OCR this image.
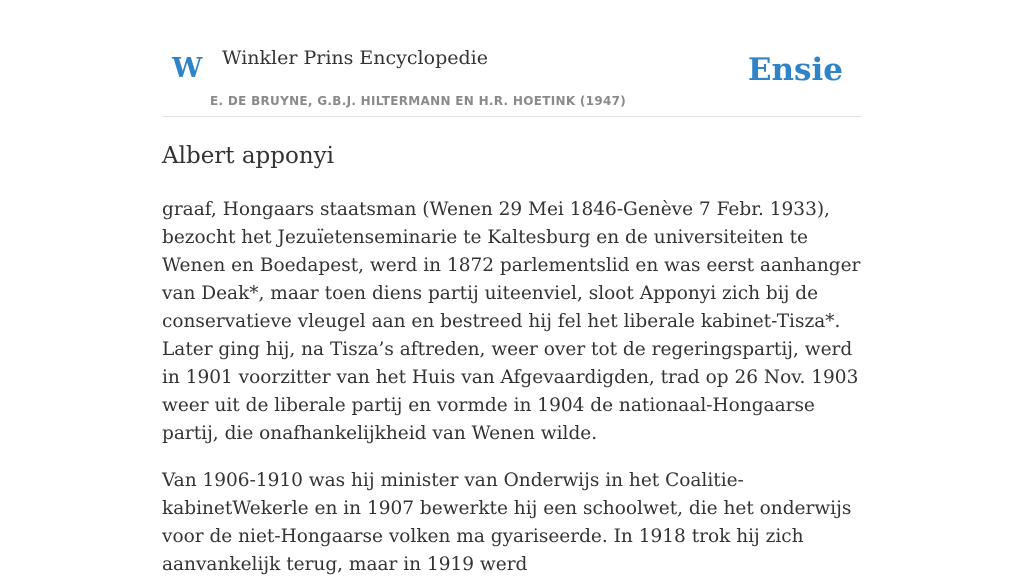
W Winkler Prins Encyclopedie
E. DE BRUYNE, G.B.J. HILTERMANN EN H.R. HOETINK (1947)
Ensie
Albert apponyi

graaf, Hongaars staatsman (Wenen 29 Mei 1846-Genève 7 Febr. 1933), bezocht het Jezuïetenseminarie te Kaltesburg en de universiteiten te Wenen en Boedapest, werd in 1872 parlementslid en was eerst aanhanger van Deak*, maar toen diens partij uiteenviel, sloot Apponyi zich bij de conservatieve vleugel aan en bestreed hij fel het liberale kabinet-Tisza*. Later ging hij, na Tisza’s aftreden, weer over tot de regeringspartij, werd in 1901 voorzitter van het Huis van Afgevaardigden, trad op 26 Nov. 1903 weer uit de liberale partij en vormde in 1904 de nationaal-Hongaarse partij, die onafhankelijkheid van Wenen wilde.

Van 1906-1910 was hij minister van Onderwijs in het Coalitie-kabinetWekerle en in 1907 bewerkte hij een schoolwet, die het onderwijs voor de niet-Hongaarse volken ma gyariseerde. In 1918 trok hij zich aanvankelijk terug, maar in 1919 werd
